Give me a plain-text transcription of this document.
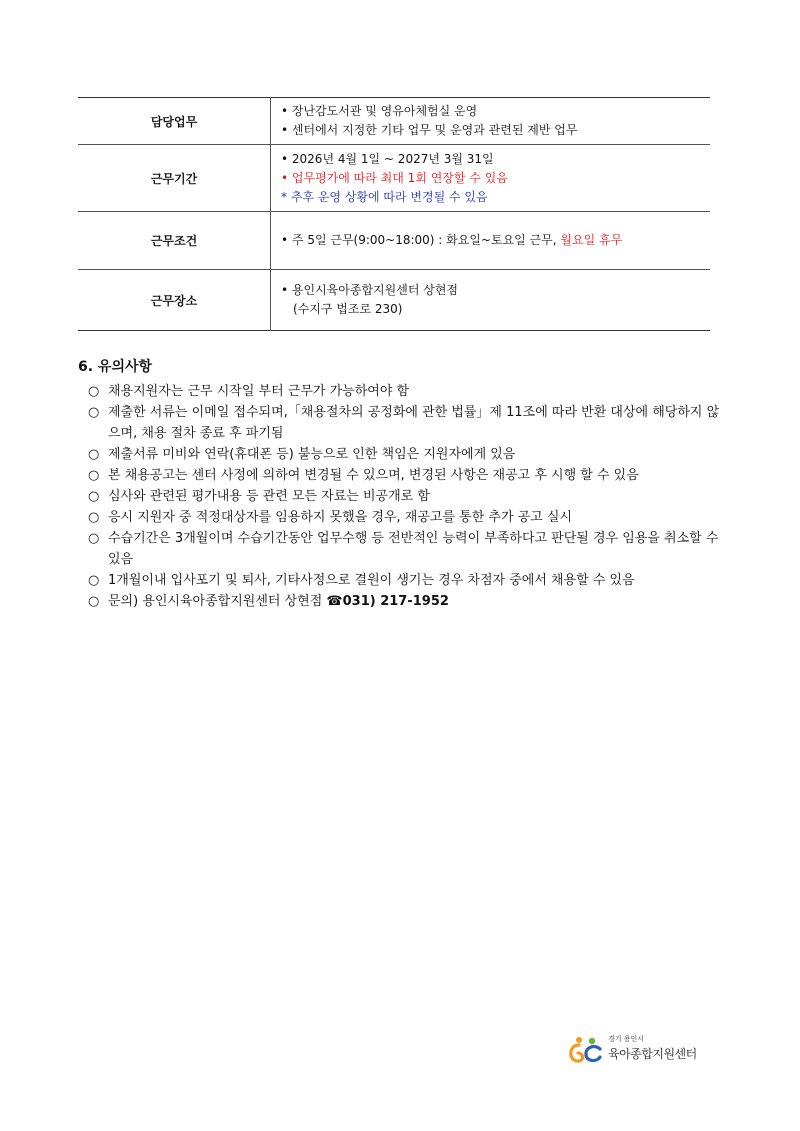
담당업무	• 장난감도서관 및 영유아체험실 운영
• 센터에서 지정한 기타 업무 및 운영과 관련된 제반 업무

근무기간	• 2026년 4월 1일 ~ 2027년 3월 31일
• 업무평가에 따라 최대 1회 연장할 수 있음
* 추후 운영 상황에 따라 변경될 수 있음

근무조건	• 주 5일 근무(9:00~18:00) : 화요일~토요일 근무, 월요일 휴무

근무장소	• 용인시육아종합지원센터 상현점
(수지구 법조로 230)
6. 유의사항
○ 채용지원자는 근무 시작일 부터 근무가 가능하여야 함
○ 제출한 서류는 이메일 접수되며,「채용절차의 공정화에 관한 법률」제 11조에 따라 반환 대상에 해당하지 않으며, 채용 절차 종료 후 파기됨
○ 제출서류 미비와 연락(휴대폰 등) 불능으로 인한 책임은 지원자에게 있음
○ 본 채용공고는 센터 사정에 의하여 변경될 수 있으며, 변경된 사항은 재공고 후 시행 할 수 있음
○ 심사와 관련된 평가내용 등 관련 모든 자료는 비공개로 함
○ 응시 지원자 중 적정대상자를 임용하지 못했을 경우, 재공고를 통한 추가 공고 실시
○ 수습기간은 3개월이며 수습기간동안 업무수행 등 전반적인 능력이 부족하다고 판단될 경우 임용을 취소할 수 있음
○ 1개월이내 입사포기 및 퇴사, 기타사정으로 결원이 생기는 경우 차점자 중에서 채용할 수 있음
○ 문의) 용인시육아종합지원센터 상현점 ☎031) 217-1952
경기 용인시
육아종합지원센터
